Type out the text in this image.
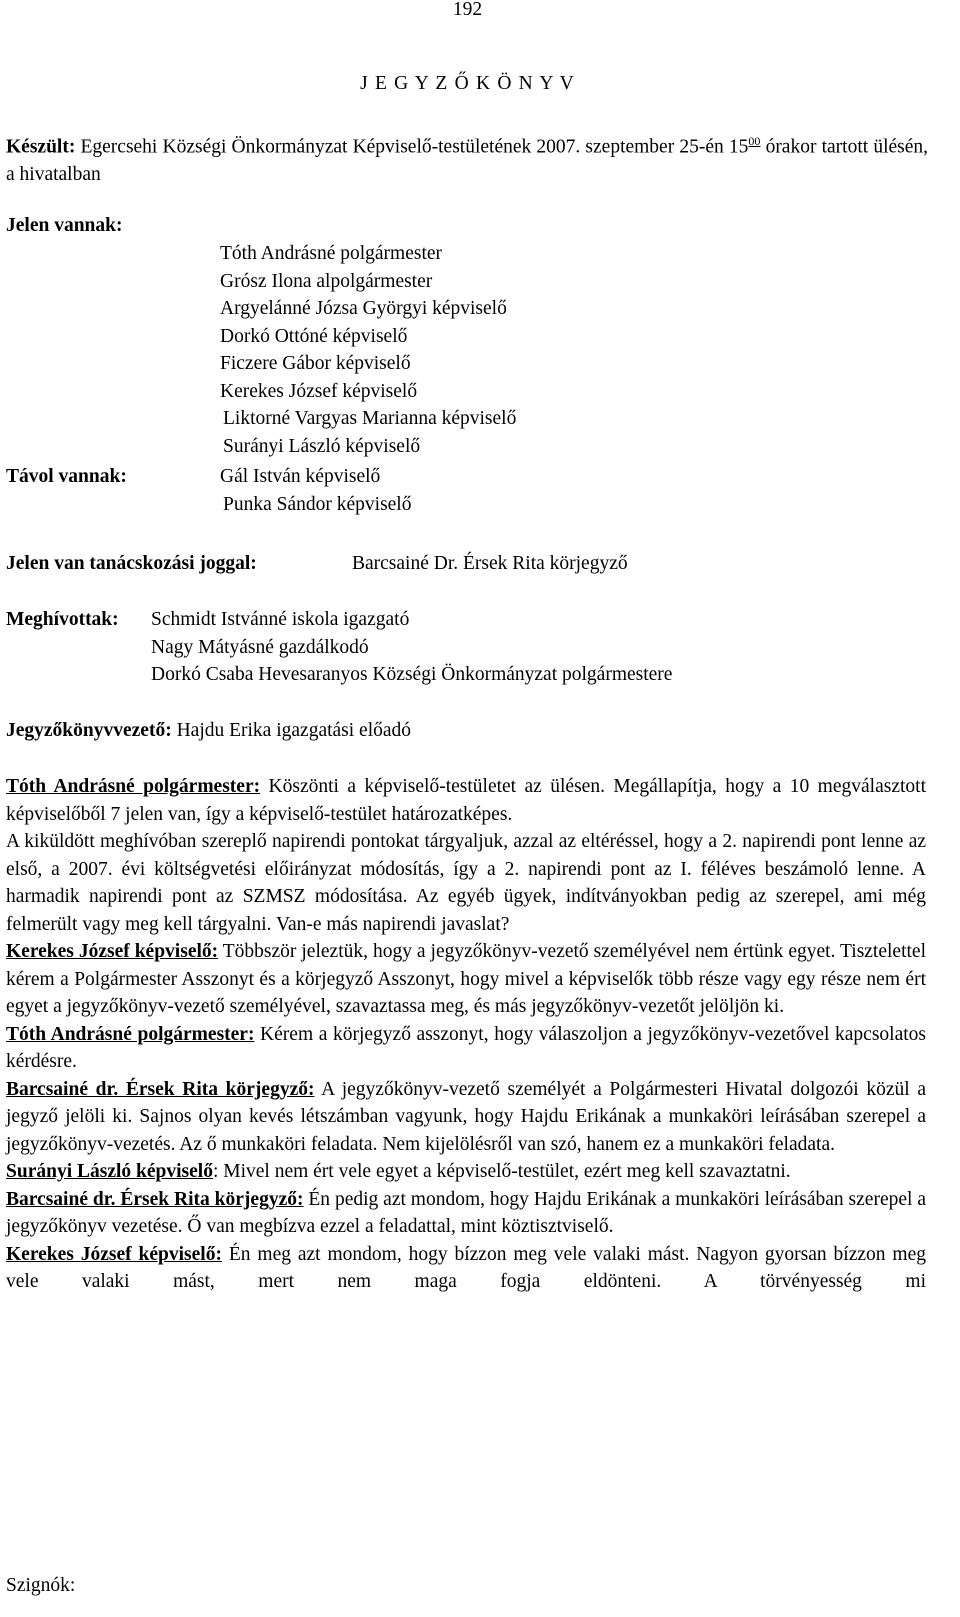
192
J E G Y Z Ő K Ö N Y V
Készült: Egercsehi Községi Önkormányzat Képviselő-testületének 2007. szeptember 25-én $15^{00}$ órakor tartott ülésén, a hivatalban
Jelen vannak:
Tóth Andrásné polgármester
Grósz Ilona alpolgármester
Argyelánné Józsa Györgyi képviselő
Dorkó Ottóné képviselő
Ficzere Gábor képviselő
Kerekes József képviselő
Liktorné Vargyas Marianna képviselő
Surányi László képviselő
Távol vannak:	Gál István képviselő
Punka Sándor képviselő
Jelen van tanácskozási joggal:	Barcsainé Dr. Érsek Rita körjegyző
Meghívottak: Schmidt Istvánné iskola igazgató
Nagy Mátyásné gazdálkodó
Dorkó Csaba Hevesaranyos Községi Önkormányzat polgármestere
Jegyzőkönyvvezető: Hajdu Erika igazgatási előadó
Tóth Andrásné polgármester: Köszönti a képviselő-testületet az ülésen. Megállapítja, hogy a 10 megválasztott képviselőből 7 jelen van, így a képviselő-testület határozatképes.
A kiküldött meghívóban szereplő napirendi pontokat tárgyaljuk, azzal az eltéréssel, hogy a 2. napirendi pont lenne az első, a 2007. évi költségvetési előirányzat módosítás, így a 2. napirendi pont az I. féléves beszámoló lenne. A harmadik napirendi pont az SZMSZ módosítása. Az egyéb ügyek, indítványokban pedig az szerepel, ami még felmerült vagy meg kell tárgyalni. Van-e más napirendi javaslat?
Kerekes József képviselő: Többször jeleztük, hogy a jegyzőkönyv-vezető személyével nem értünk egyet. Tisztelettel kérem a Polgármester Asszonyt és a körjegyző Asszonyt, hogy mivel a képviselők több része vagy egy része nem ért egyet a jegyzőkönyv-vezető személyével, szavaztassa meg, és más jegyzőkönyv-vezetőt jelöljön ki.
Tóth Andrásné polgármester: Kérem a körjegyző asszonyt, hogy válaszoljon a jegyzőkönyv-vezetővel kapcsolatos kérdésre.
Barcsainé dr. Érsek Rita körjegyző: A jegyzőkönyv-vezető személyét a Polgármesteri Hivatal dolgozói közül a jegyző jelöli ki. Sajnos olyan kevés létszámban vagyunk, hogy Hajdu Erikának a munkaköri leírásában szerepel a jegyzőkönyv-vezetés. Az ő munkaköri feladata. Nem kijelölésről van szó, hanem ez a munkaköri feladata.
Surányi László képviselő: Mivel nem ért vele egyet a képviselő-testület, ezért meg kell szavaztatni.
Barcsainé dr. Érsek Rita körjegyző: Én pedig azt mondom, hogy Hajdu Erikának a munkaköri leírásában szerepel a jegyzőkönyv vezetése. Ő van megbízva ezzel a feladattal, mint köztisztviselő.
Kerekes József képviselő: Én meg azt mondom, hogy bízzon meg vele valaki mást. Nagyon gyorsan bízzon meg vele valaki mást, mert nem maga fogja eldönteni. A törvényesség mi
Szignók:
